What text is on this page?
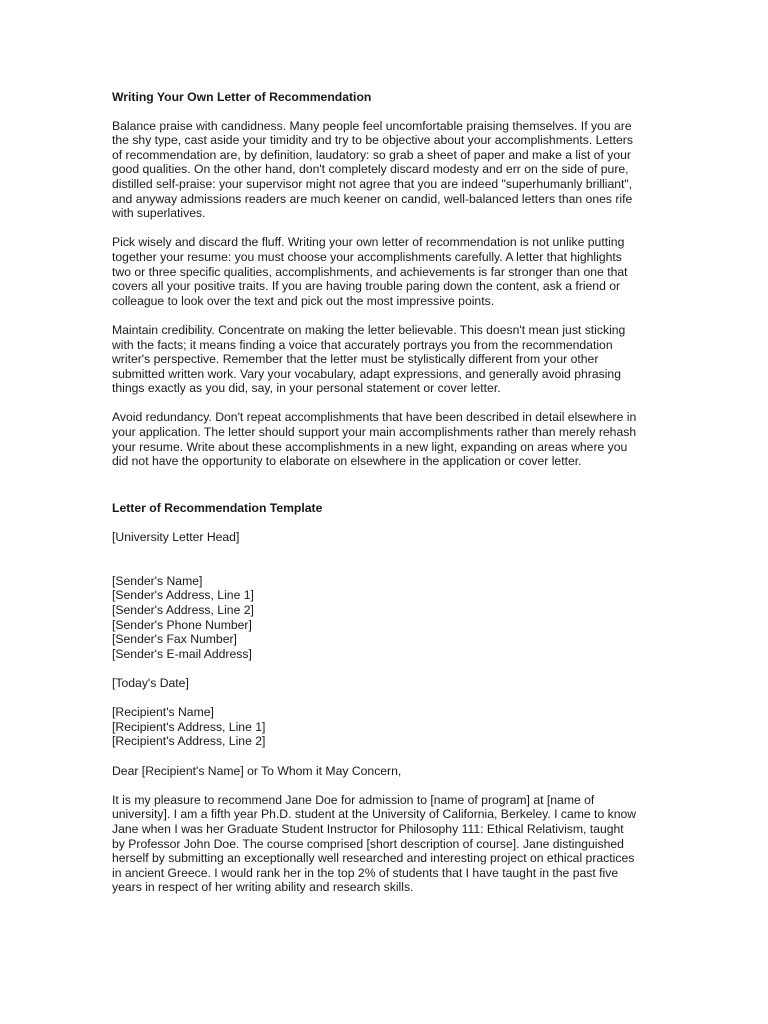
Writing Your Own Letter of Recommendation
Balance praise with candidness. Many people feel uncomfortable praising themselves. If you are
the shy type, cast aside your timidity and try to be objective about your accomplishments. Letters
of recommendation are, by definition, laudatory: so grab a sheet of paper and make a list of your
good qualities. On the other hand, don't completely discard modesty and err on the side of pure,
distilled self-praise: your supervisor might not agree that you are indeed "superhumanly brilliant",
and anyway admissions readers are much keener on candid, well-balanced letters than ones rife
with superlatives.
Pick wisely and discard the fluff. Writing your own letter of recommendation is not unlike putting
together your resume: you must choose your accomplishments carefully. A letter that highlights
two or three specific qualities, accomplishments, and achievements is far stronger than one that
covers all your positive traits. If you are having trouble paring down the content, ask a friend or
colleague to look over the text and pick out the most impressive points.
Maintain credibility. Concentrate on making the letter believable. This doesn't mean just sticking
with the facts; it means finding a voice that accurately portrays you from the recommendation
writer's perspective. Remember that the letter must be stylistically different from your other
submitted written work. Vary your vocabulary, adapt expressions, and generally avoid phrasing
things exactly as you did, say, in your personal statement or cover letter.
Avoid redundancy. Don't repeat accomplishments that have been described in detail elsewhere in
your application. The letter should support your main accomplishments rather than merely rehash
your resume. Write about these accomplishments in a new light, expanding on areas where you
did not have the opportunity to elaborate on elsewhere in the application or cover letter.
Letter of Recommendation Template
[University Letter Head]
[Sender's Name]
[Sender's Address, Line 1]
[Sender's Address, Line 2]
[Sender's Phone Number]
[Sender's Fax Number]
[Sender's E-mail Address]
[Today's Date]
[Recipient's Name]
[Recipient's Address, Line 1]
[Recipient's Address, Line 2]
Dear [Recipient's Name] or To Whom it May Concern,
It is my pleasure to recommend Jane Doe for admission to [name of program] at [name of
university]. I am a fifth year Ph.D. student at the University of California, Berkeley. I came to know
Jane when I was her Graduate Student Instructor for Philosophy 111: Ethical Relativism, taught
by Professor John Doe. The course comprised [short description of course]. Jane distinguished
herself by submitting an exceptionally well researched and interesting project on ethical practices
in ancient Greece. I would rank her in the top 2% of students that I have taught in the past five
years in respect of her writing ability and research skills.
